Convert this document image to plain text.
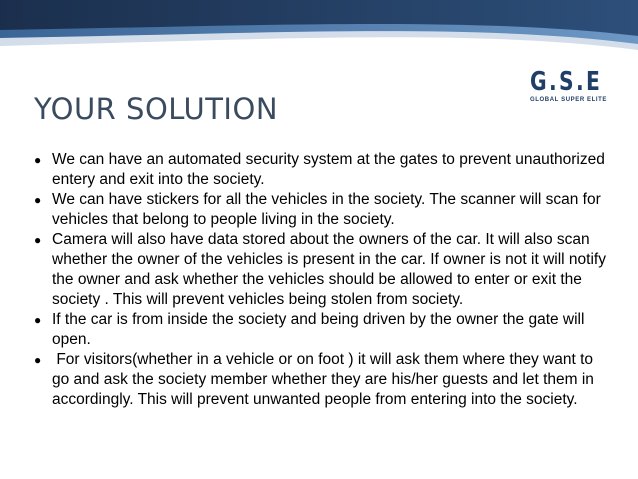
G.S.E
GLOBAL SUPER ELITE
YOUR SOLUTION
● We can have an automated security system at the gates to prevent unauthorized entery and exit into the society.
● We can have stickers for all the vehicles in the society. The scanner will scan for vehicles that belong to people living in the society.
● Camera will also have data stored about the owners of the car. It will also scan whether the owner of the vehicles is present in the car. If owner is not it will notify the owner and ask whether the vehicles should be allowed to enter or exit the society . This will prevent vehicles being stolen from society.
● If the car is from inside the society and being driven by the owner the gate will open.
● For visitors(whether in a vehicle or on foot ) it will ask them where they want to go and ask the society member whether they are his/her guests and let them in accordingly. This will prevent unwanted people from entering into the society.
